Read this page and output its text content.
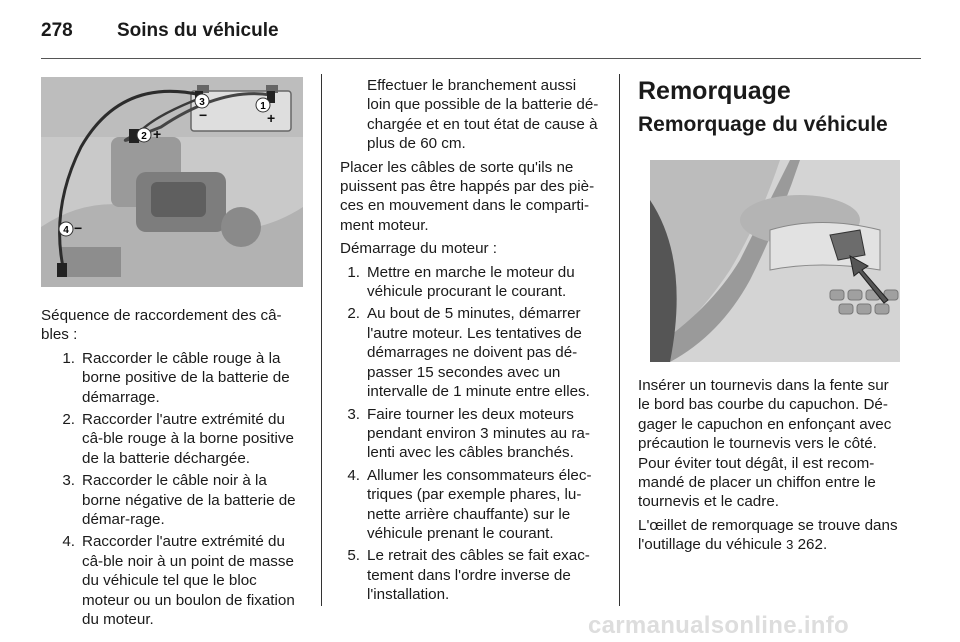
278 Soins du véhicule
3
−
1
+
2 +
4 −

Séquence de raccordement des câ-bles :

1. Raccorder le câble rouge à la borne positive de la batterie de démarrage.
2. Raccorder l'autre extrémité du câ-ble rouge à la borne positive de la batterie déchargée.
3. Raccorder le câble noir à la borne négative de la batterie de démar-rage.
4. Raccorder l'autre extrémité du câ-ble noir à un point de masse du véhicule tel que le bloc moteur ou un boulon de fixation du moteur.

Effectuer le branchement aussi loin que possible de la batterie dé-chargée et en tout état de cause à plus de 60 cm.

Placer les câbles de sorte qu'ils ne puissent pas être happés par des piè-ces en mouvement dans le comparti-ment moteur.

Démarrage du moteur :

1. Mettre en marche le moteur du véhicule procurant le courant.
2. Au bout de 5 minutes, démarrer l'autre moteur. Les tentatives de démarrages ne doivent pas dé-passer 15 secondes avec un intervalle de 1 minute entre elles.
3. Faire tourner les deux moteurs pendant environ 3 minutes au ra-lenti avec les câbles branchés.
4. Allumer les consommateurs élec-triques (par exemple phares, lu-nette arrière chauffante) sur le véhicule prenant le courant.
5. Le retrait des câbles se fait exac-tement dans l'ordre inverse de l'installation.
Remorquage
Remorquage du véhicule

Insérer un tournevis dans la fente sur le bord bas courbe du capuchon. Dé-gager le capuchon en enfonçant avec précaution le tournevis vers le côté. Pour éviter tout dégât, il est recom-mandé de placer un chiffon entre le tournevis et le cadre.

L'œillet de remorquage se trouve dans l'outillage du véhicule 3 262.

carmanualsonline.info
